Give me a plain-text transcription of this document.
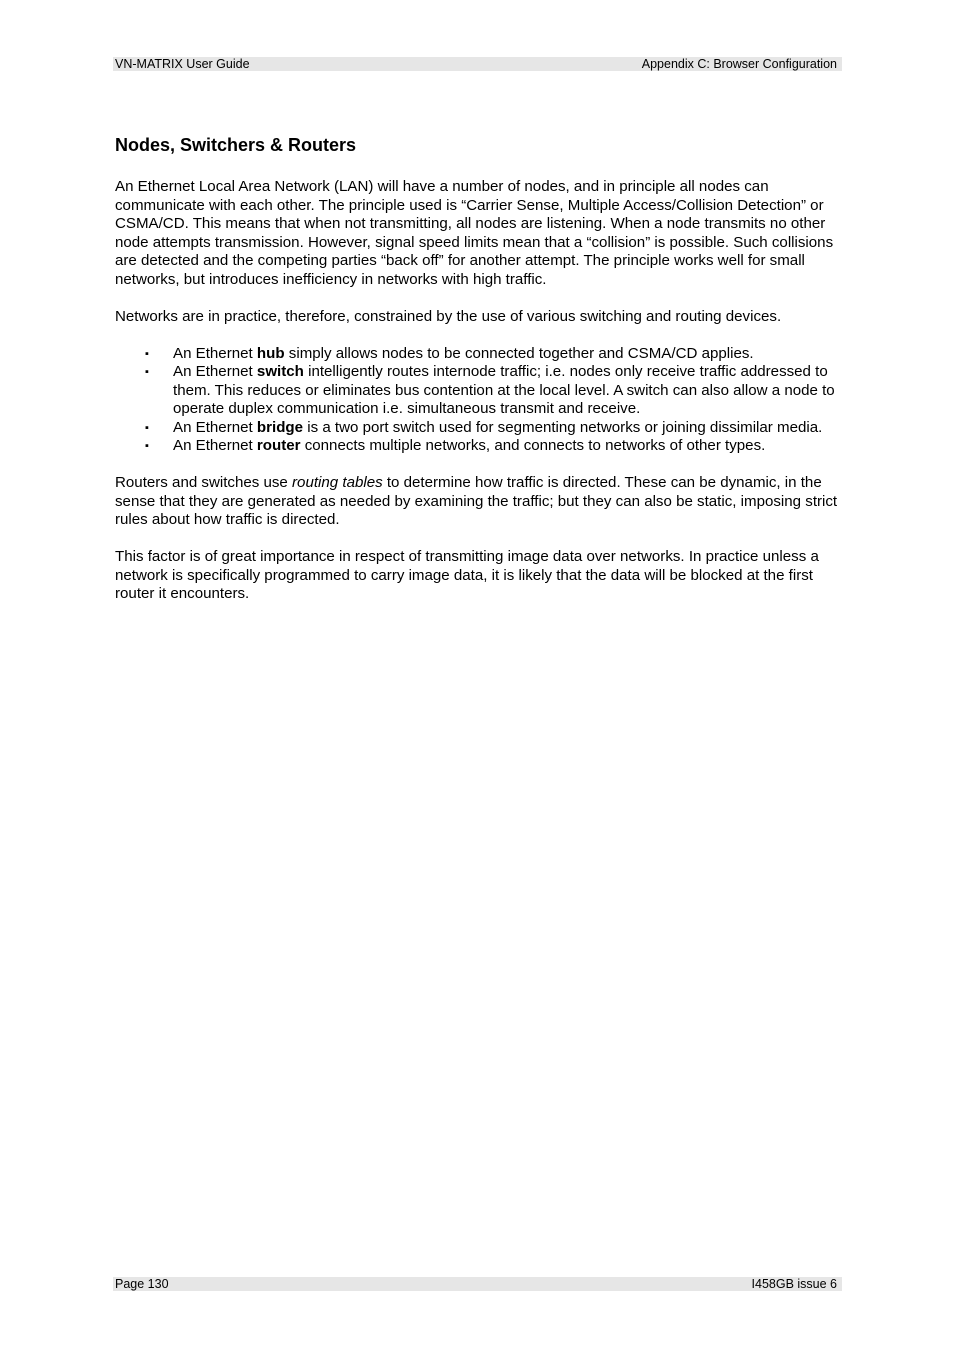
VN-MATRIX User Guide	Appendix C: Browser Configuration
Nodes, Switchers & Routers

An Ethernet Local Area Network (LAN) will have a number of nodes, and in principle all nodes can communicate with each other. The principle used is “Carrier Sense, Multiple Access/Collision Detection” or CSMA/CD. This means that when not transmitting, all nodes are listening. When a node transmits no other node attempts transmission. However, signal speed limits mean that a “collision” is possible. Such collisions are detected and the competing parties “back off” for another attempt. The principle works well for small networks, but introduces inefficiency in networks with high traffic.

Networks are in practice, therefore, constrained by the use of various switching and routing devices.

▪ An Ethernet hub simply allows nodes to be connected together and CSMA/CD applies.
▪ An Ethernet switch intelligently routes internode traffic; i.e. nodes only receive traffic addressed to them. This reduces or eliminates bus contention at the local level. A switch can also allow a node to operate duplex communication i.e. simultaneous transmit and receive.
▪ An Ethernet bridge is a two port switch used for segmenting networks or joining dissimilar media.
▪ An Ethernet router connects multiple networks, and connects to networks of other types.

Routers and switches use routing tables to determine how traffic is directed. These can be dynamic, in the sense that they are generated as needed by examining the traffic; but they can also be static, imposing strict rules about how traffic is directed.

This factor is of great importance in respect of transmitting image data over networks. In practice unless a network is specifically programmed to carry image data, it is likely that the data will be blocked at the first router it encounters.

Page 130	I458GB issue 6
